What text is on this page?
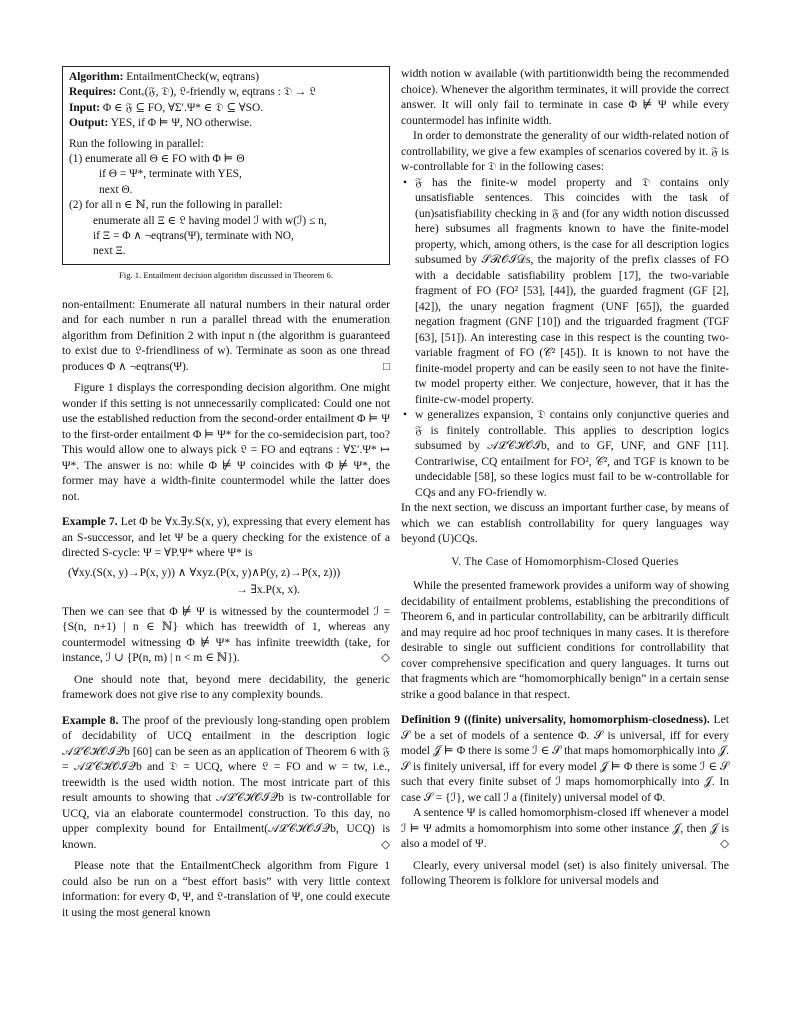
Algorithm: EntailmentCheck(w, eqtrans)
Requires: Contᵥ(𝔉, 𝔇), 𝔏-friendly w, eqtrans : 𝔇 → 𝔏
Input: Φ ∈ 𝔉 ⊆ FO, ∀Σ′.Ψ* ∈ 𝔇 ⊆ ∀SO.
Output: YES, if Φ ⊨ Ψ, NO otherwise.
Run the following in parallel:
(1) enumerate all Θ ∈ FO with Φ ⊨ Θ
if Θ = Ψ*, terminate with YES,
next Θ.
(2) for all n ∈ ℕ, run the following in parallel:
enumerate all Ξ ∈ 𝔏 having model ℐ with w(ℐ) ≤ n,
if Ξ = Φ ∧ ¬eqtrans(Ψ), terminate with NO,
next Ξ.
Fig. 1. Entailment decision algorithm discussed in Theorem 6.

non-entailment: Enumerate all natural numbers in their natural order and for each number n run a parallel thread with the enumeration algorithm from Definition 2 with input n (the algorithm is guaranteed to exist due to 𝔏-friendliness of w). Terminate as soon as one thread produces Φ ∧ ¬eqtrans(Ψ).	□

Figure 1 displays the corresponding decision algorithm. One might wonder if this setting is not unnecessarily complicated: Could one not use the established reduction from the second-order entailment Φ ⊨ Ψ to the first-order entailment Φ ⊨ Ψ* for the co-semidecision part, too? This would allow one to always pick 𝔏 = FO and eqtrans : ∀Σ′.Ψ* ↦ Ψ*. The answer is no: while Φ ⊭ Ψ coincides with Φ ⊭ Ψ*, the former may have a width-finite countermodel while the latter does not.

Example 7. Let Φ be ∀x.∃y.S(x, y), expressing that every element has an S-successor, and let Ψ be a query checking for the existence of a directed S-cycle: Ψ = ∀P.Ψ* where Ψ* is

(∀xy.(S(x, y)→P(x, y)) ∧ ∀xyz.(P(x, y)∧P(y, z)→P(x, z)))
→ ∃x.P(x, x).

Then we can see that Φ ⊭ Ψ is witnessed by the countermodel ℐ = {S(n, n+1) | n ∈ ℕ} which has treewidth of 1, whereas any countermodel witnessing Φ ⊭ Ψ* has infinite treewidth (take, for instance, ℐ ∪ {P(n, m) | n < m ∈ ℕ}).	◇

One should note that, beyond mere decidability, the generic framework does not give rise to any complexity bounds.

Example 8. The proof of the previously long-standing open problem of decidability of UCQ entailment in the description logic 𝒜ℒ𝒞ℋ𝒪ℐ𝒬b [60] can be seen as an application of Theorem 6 with 𝔉 = 𝒜ℒ𝒞ℋ𝒪ℐ𝒬b and 𝔇 = UCQ, where 𝔏 = FO and w = tw, i.e., treewidth is the used width notion. The most intricate part of this result amounts to showing that 𝒜ℒ𝒞ℋ𝒪ℐ𝒬b is tw-controllable for UCQ, via an elaborate countermodel construction. To this day, no upper complexity bound for Entailment(𝒜ℒ𝒞ℋ𝒪ℐ𝒬b, UCQ) is known.	◇

Please note that the EntailmentCheck algorithm from Figure 1 could also be run on a “best effort basis” with very little context information: for every Φ, Ψ, and 𝔏-translation of Ψ, one could execute it using the most general known

width notion w available (with partitionwidth being the recommended choice). Whenever the algorithm terminates, it will provide the correct answer. It will only fail to terminate in case Φ ⊭ Ψ while every countermodel has infinite width.

In order to demonstrate the generality of our width-related notion of controllability, we give a few examples of scenarios covered by it. 𝔉 is w-controllable for 𝔇 in the following cases:

• 𝔉 has the finite-w model property and 𝔇 contains only unsatisfiable sentences. This coincides with the task of (un)satisfiability checking in 𝔉 and (for any width notion discussed here) subsumes all fragments known to have the finite-model property, which, among others, is the case for all description logics subsumed by 𝒮ℛ𝒪ℐ𝒟s, the majority of the prefix classes of FO with a decidable satisfiability problem [17], the two-variable fragment of FO (FO² [53], [44]), the guarded fragment (GF [2], [42]), the unary negation fragment (UNF [65]), the guarded negation fragment (GNF [10]) and the triguarded fragment (TGF [63], [51]). An interesting case in this respect is the counting two-variable fragment of FO (𝒞² [45]). It is known to not have the finite-model property and can be easily seen to not have the finite-tw model property either. We conjecture, however, that it has the finite-cw-model property.
• w generalizes expansion, 𝔇 contains only conjunctive queries and 𝔉 is finitely controllable. This applies to description logics subsumed by 𝒜ℒ𝒞ℋ𝒪ℐb, and to GF, UNF, and GNF [11]. Contrariwise, CQ entailment for FO², 𝒞², and TGF is known to be undecidable [58], so these logics must fail to be w-controllable for CQs and any FO-friendly w.

In the next section, we discuss an important further case, by means of which we can establish controllability for query languages way beyond (U)CQs.

V. The Case of Homomorphism-Closed Queries

While the presented framework provides a uniform way of showing decidability of entailment problems, establishing the preconditions of Theorem 6, and in particular controllability, can be arbitrarily difficult and may require ad hoc proof techniques in many cases. It is therefore desirable to single out sufficient conditions for controllability that cover comprehensive specification and query languages. It turns out that fragments which are “homomorphically benign” in a certain sense strike a good balance in that respect.

Definition 9 ((finite) universality, homomorphism-closedness). Let 𝒮 be a set of models of a sentence Φ. 𝒮 is universal, iff for every model 𝒥 ⊨ Φ there is some ℐ ∈ 𝒮 that maps homomorphically into 𝒥. 𝒮 is finitely universal, iff for every model 𝒥 ⊨ Φ there is some ℐ ∈ 𝒮 such that every finite subset of ℐ maps homomorphically into 𝒥. In case 𝒮 = {ℐ}, we call ℐ a (finitely) universal model of Φ.

A sentence Ψ is called homomorphism-closed iff whenever a model ℐ ⊨ Ψ admits a homomorphism into some other instance 𝒥, then 𝒥 is also a model of Ψ.	◇

Clearly, every universal model (set) is also finitely universal. The following Theorem is folklore for universal models and
